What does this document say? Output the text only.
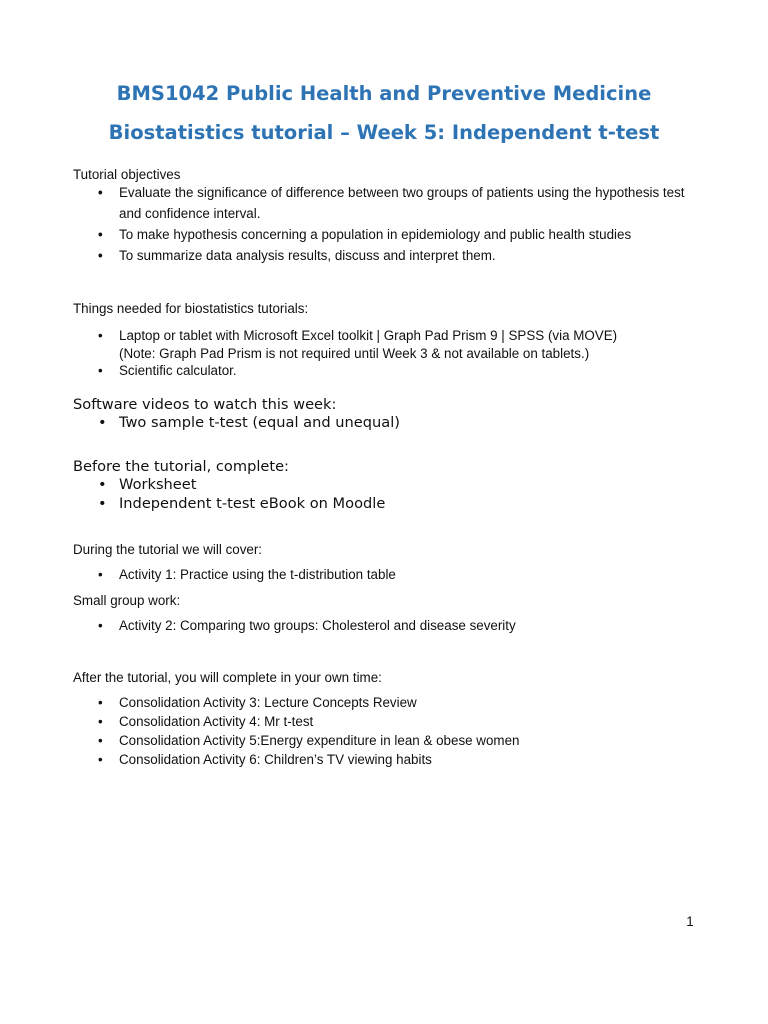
BMS1042 Public Health and Preventive Medicine
Biostatistics tutorial – Week 5: Independent t-test

Tutorial objectives

• Evaluate the significance of difference between two groups of patients using the hypothesis test and confidence interval.
• To make hypothesis concerning a population in epidemiology and public health studies
• To summarize data analysis results, discuss and interpret them.

Things needed for biostatistics tutorials:

• Laptop or tablet with Microsoft Excel toolkit | Graph Pad Prism 9 | SPSS (via MOVE)
(Note: Graph Pad Prism is not required until Week 3 & not available on tablets.)
• Scientific calculator.

Software videos to watch this week:

• Two sample t-test (equal and unequal)

Before the tutorial, complete:

• Worksheet
• Independent t-test eBook on Moodle

During the tutorial we will cover:

• Activity 1: Practice using the t-distribution table

Small group work:

• Activity 2: Comparing two groups: Cholesterol and disease severity

After the tutorial, you will complete in your own time:

• Consolidation Activity 3: Lecture Concepts Review
• Consolidation Activity 4: Mr t-test
• Consolidation Activity 5:Energy expenditure in lean & obese women
• Consolidation Activity 6: Children’s TV viewing habits
1
